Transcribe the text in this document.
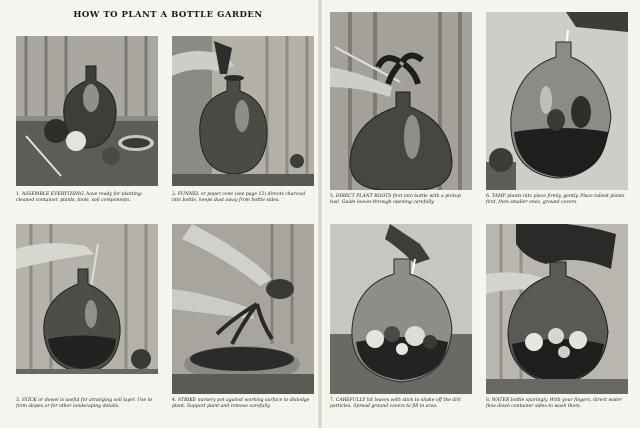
HOW TO PLANT A BOTTLE GARDEN
1. ASSEMBLE EVERYTHING, have ready for planting: cleaned container, plants, tools, soil components.
2. FUNNEL or paper cone (see page 12) directs charcoal into bottle, keeps dust away from bottle sides.
3. STICK or dowel is useful for arranging soil layer. Use to form slopes or for other landscaping details.
4. STRIKE nursery pot against working surface to dislodge plant. Support plant and remove carefully.
5. DIRECT PLANT ROOTS first into bottle with a pickup tool. Guide leaves through opening carefully.
6. TAMP plants into place firmly, gently. Place tallest plants first, then smaller ones, ground covers.
7. CAREFULLY hit leaves with stick to shake off the dirt particles. Spread ground covers to fill in area.
8. WATER bottle sparingly. With your fingers, direct water flow down container sides to wash them.
